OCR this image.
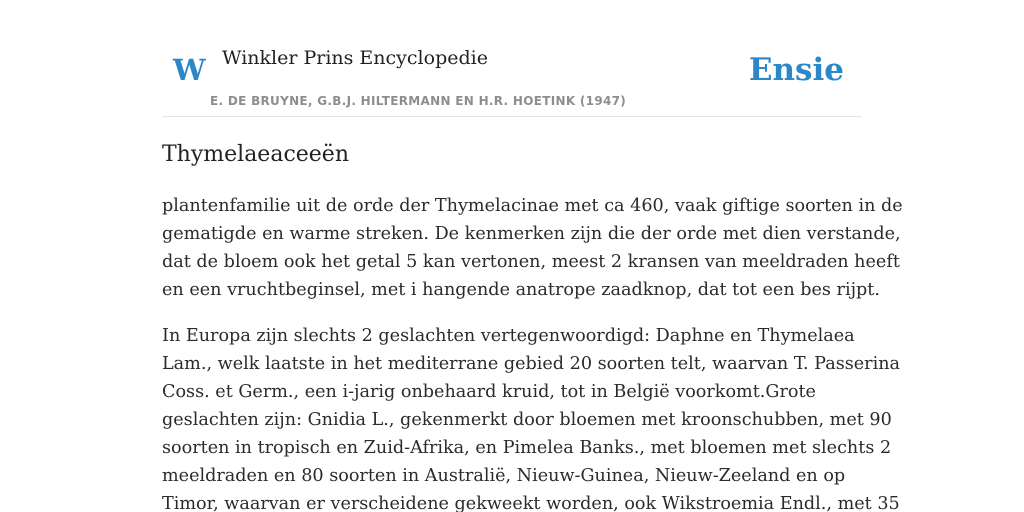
W Winkler Prins Encyclopedie
E. DE BRUYNE, G.B.J. HILTERMANN EN H.R. HOETINK (1947)
Ensie
Thymelaeaceeën

plantenfamilie uit de orde der Thymelacinae met ca 460, vaak giftige soorten in de
gematigde en warme streken. De kenmerken zijn die der orde met dien verstande,
dat de bloem ook het getal 5 kan vertonen, meest 2 kransen van meeldraden heeft
en een vruchtbeginsel, met i hangende anatrope zaadknop, dat tot een bes rijpt.

In Europa zijn slechts 2 geslachten vertegenwoordigd: Daphne en Thymelaea
Lam., welk laatste in het mediterrane gebied 20 soorten telt, waarvan T. Passerina
Coss. et Germ., een i-jarig onbehaard kruid, tot in België voorkomt.Grote
geslachten zijn: Gnidia L., gekenmerkt door bloemen met kroonschubben, met 90
soorten in tropisch en Zuid-Afrika, en Pimelea Banks., met bloemen met slechts 2
meeldraden en 80 soorten in Australië, Nieuw-Guinea, Nieuw-Zeeland en op
Timor, waarvan er verscheidene gekweekt worden, ook Wikstroemia Endl., met 35
